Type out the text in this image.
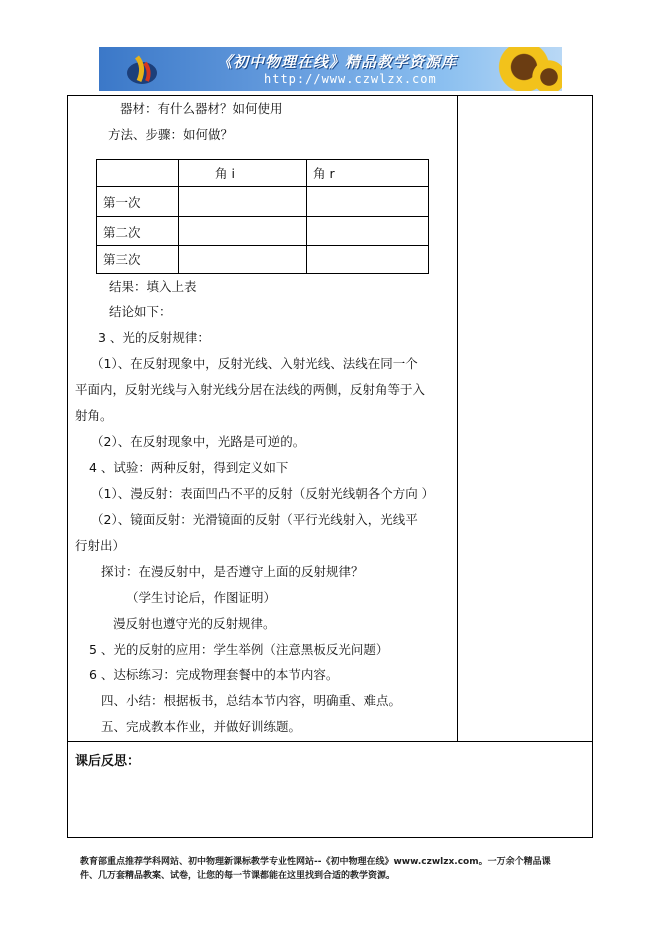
《初中物理在线》精品教学资源库
http://www.czwlzx.com
器材：有什么器材？如何使用
方法、步骤：如何做？
角 i	角 r
第一次
第二次
第三次
结果：填入上表
结论如下：
3 、光的反射规律：
（1）、在反射现象中，反射光线、入射光线、法线在同一个
平面内，反射光线与入射光线分居在法线的两侧，反射角等于入
射角。
（2）、在反射现象中，光路是可逆的。
4 、试验：两种反射，得到定义如下
（1）、漫反射：表面凹凸不平的反射（反射光线朝各个方向 ）
（2）、镜面反射：光滑镜面的反射（平行光线射入，光线平
行射出）
探讨：在漫反射中，是否遵守上面的反射规律？
（学生讨论后，作图证明）
漫反射也遵守光的反射规律。
5 、光的反射的应用：学生举例（注意黑板反光问题）
6 、达标练习：完成物理套餐中的本节内容。
四、小结：根据板书，总结本节内容，明确重、难点。
五、完成教本作业，并做好训练题。
课后反思：
教育部重点推荐学科网站、初中物理新课标教学专业性网站--《初中物理在线》www.czwlzx.com。一万余个精品课
件、几万套精品教案、试卷，让您的每一节课都能在这里找到合适的教学资源。
